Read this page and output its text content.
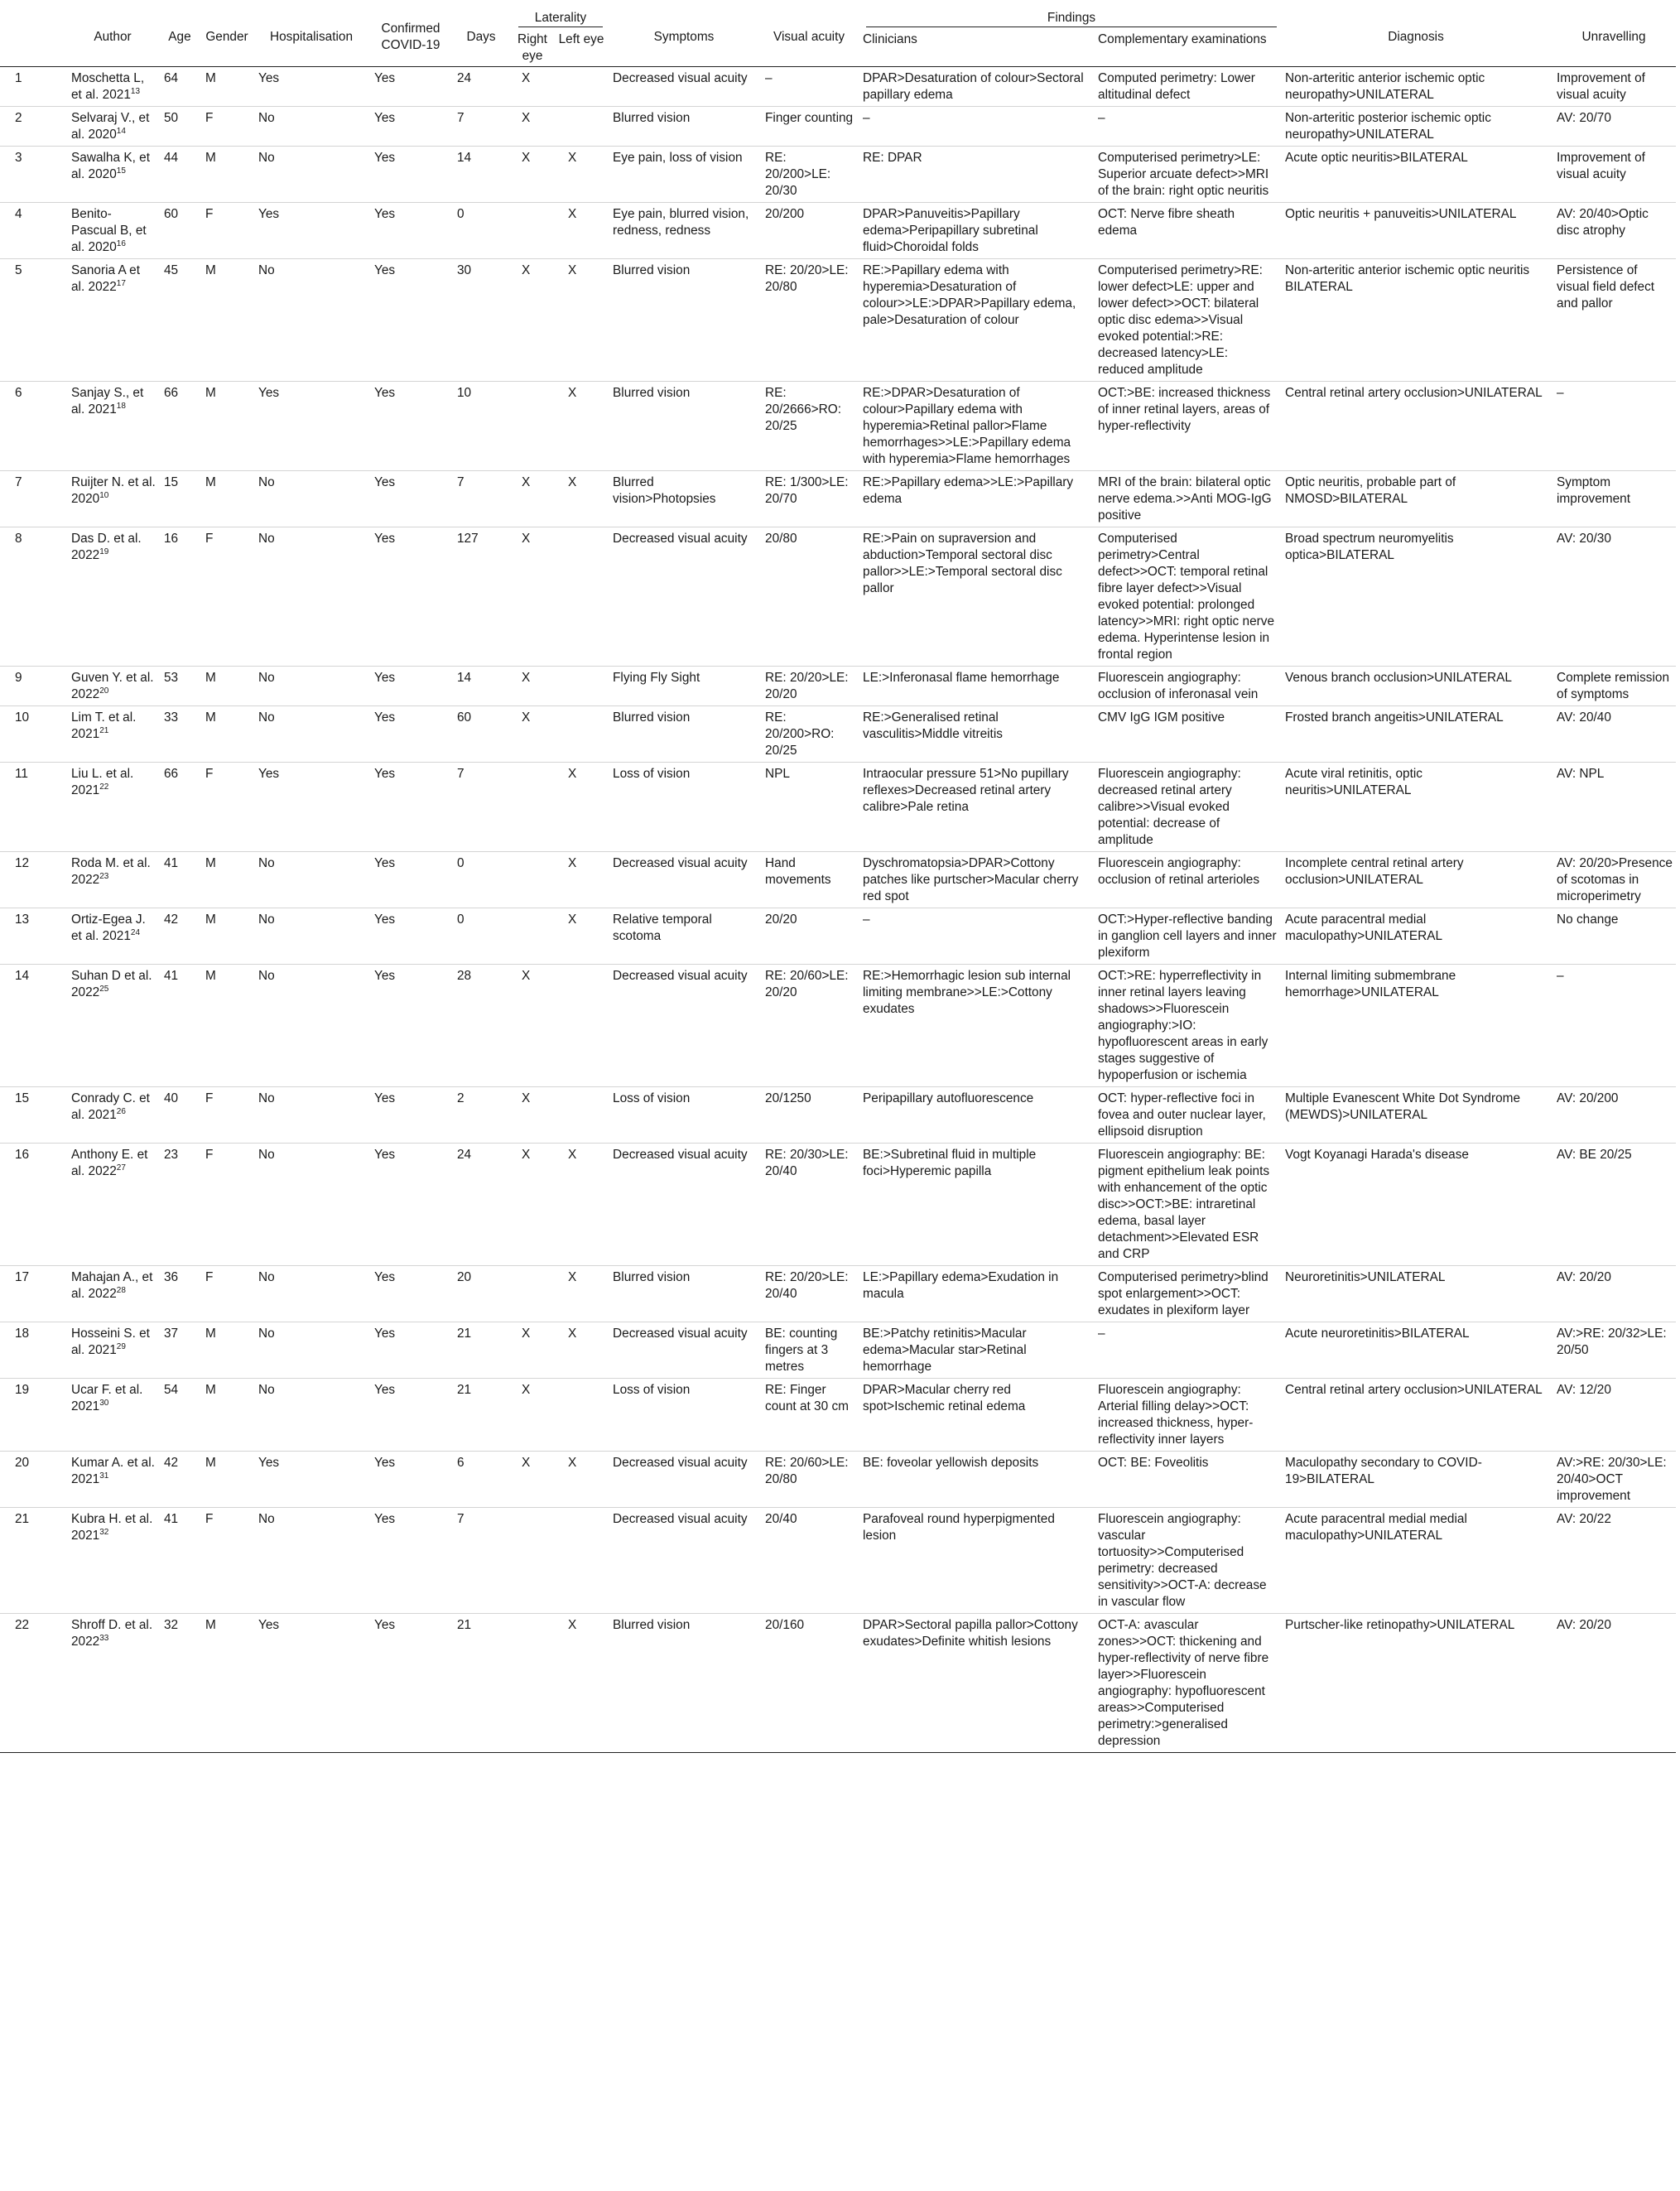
	Author	Age	Gender	Hospitalisation	Confirmed COVID-19	Days	Laterality		Symptoms	Visual acuity	Findings		Diagnosis	Unravelling
							Right eye	Left eye			Clinicians	Complementary examinations		
1	Moschetta L, et al. 2021$^{13}$	64	M	Yes	Yes	24	X		Decreased visual acuity	–	DPAR>Desaturation of colour>Sectoral papillary edema	Computed perimetry: Lower altitudinal defect	Non-arteritic anterior ischemic optic neuropathy>UNILATERAL	Improvement of visual acuity
2	Selvaraj V., et al. 2020$^{14}$	50	F	No	Yes	7	X		Blurred vision	Finger counting	–	–	Non-arteritic posterior ischemic optic neuropathy>UNILATERAL	AV: 20/70
3	Sawalha K, et al. 2020$^{15}$	44	M	No	Yes	14	X	X	Eye pain, loss of vision	RE: 20/200>LE: 20/30	RE: DPAR	Computerised perimetry>LE: Superior arcuate defect>>MRI of the brain: right optic neuritis	Acute optic neuritis>BILATERAL	Improvement of visual acuity
4	Benito-Pascual B, et al. 2020$^{16}$	60	F	Yes	Yes	0		X	Eye pain, blurred vision, redness, redness	20/200	DPAR>Panuveitis>Papillary edema>Peripapillary subretinal fluid>Choroidal folds	OCT: Nerve fibre sheath edema	Optic neuritis + panuveitis>UNILATERAL	AV: 20/40>Optic disc atrophy
5	Sanoria A et al. 2022$^{17}$	45	M	No	Yes	30	X	X	Blurred vision	RE: 20/20>LE: 20/80	RE:>Papillary edema with hyperemia>Desaturation of colour>>LE:>DPAR>Papillary edema, pale>Desaturation of colour	Computerised perimetry>RE: lower defect>LE: upper and lower defect>>OCT: bilateral optic disc edema>>Visual evoked potential:>RE: decreased latency>LE: reduced amplitude	Non-arteritic anterior ischemic optic neuritis BILATERAL	Persistence of visual field defect and pallor
6	Sanjay S., et al. 2021$^{18}$	66	M	Yes	Yes	10		X	Blurred vision	RE: 20/2666>RO: 20/25	RE:>DPAR>Desaturation of colour>Papillary edema with hyperemia>Retinal pallor>Flame hemorrhages>>LE:>Papillary edema with hyperemia>Flame hemorrhages	OCT:>BE: increased thickness of inner retinal layers, areas of hyper-reflectivity	Central retinal artery occlusion>UNILATERAL	–
7	Ruijter N. et al. 2020$^{10}$	15	M	No	Yes	7	X	X	Blurred vision>Photopsies	RE: 1/300>LE: 20/70	RE:>Papillary edema>>LE:>Papillary edema	MRI of the brain: bilateral optic nerve edema.>>Anti MOG-IgG positive	Optic neuritis, probable part of NMOSD>BILATERAL	Symptom improvement
8	Das D. et al. 2022$^{19}$	16	F	No	Yes	127	X		Decreased visual acuity	20/80	RE:>Pain on supraversion and abduction>Temporal sectoral disc pallor>>LE:>Temporal sectoral disc pallor	Computerised perimetry>Central defect>>OCT: temporal retinal fibre layer defect>>Visual evoked potential: prolonged latency>>MRI: right optic nerve edema. Hyperintense lesion in frontal region	Broad spectrum neuromyelitis optica>BILATERAL	AV: 20/30
9	Guven Y. et al. 2022$^{20}$	53	M	No	Yes	14	X		Flying Fly Sight	RE: 20/20>LE: 20/20	LE:>Inferonasal flame hemorrhage	Fluorescein angiography: occlusion of inferonasal vein	Venous branch occlusion>UNILATERAL	Complete remission of symptoms
10	Lim T. et al. 2021$^{21}$	33	M	No	Yes	60	X		Blurred vision	RE: 20/200>RO: 20/25	RE:>Generalised retinal vasculitis>Middle vitreitis	CMV IgG IGM positive	Frosted branch angeitis>UNILATERAL	AV: 20/40
11	Liu L. et al. 2021$^{22}$	66	F	Yes	Yes	7		X	Loss of vision	NPL	Intraocular pressure 51>No pupillary reflexes>Decreased retinal artery calibre>Pale retina	Fluorescein angiography: decreased retinal artery calibre>>Visual evoked potential: decrease of amplitude	Acute viral retinitis, optic neuritis>UNILATERAL	AV: NPL
12	Roda M. et al. 2022$^{23}$	41	M	No	Yes	0		X	Decreased visual acuity	Hand movements	Dyschromatopsia>DPAR>Cottony patches like purtscher>Macular cherry red spot	Fluorescein angiography: occlusion of retinal arterioles	Incomplete central retinal artery occlusion>UNILATERAL	AV: 20/20>Presence of scotomas in microperimetry
13	Ortiz-Egea J. et al. 2021$^{24}$	42	M	No	Yes	0		X	Relative temporal scotoma	20/20	–	OCT:>Hyper-reflective banding in ganglion cell layers and inner plexiform	Acute paracentral medial maculopathy>UNILATERAL	No change
14	Suhan D et al. 2022$^{25}$	41	M	No	Yes	28	X		Decreased visual acuity	RE: 20/60>LE: 20/20	RE:>Hemorrhagic lesion sub internal limiting membrane>>LE:>Cottony exudates	OCT:>RE: hyperreflectivity in inner retinal layers leaving shadows>>Fluorescein angiography:>IO: hypofluorescent areas in early stages suggestive of hypoperfusion or ischemia	Internal limiting submembrane hemorrhage>UNILATERAL	–
15	Conrady C. et al. 2021$^{26}$	40	F	No	Yes	2	X		Loss of vision	20/1250	Peripapillary autofluorescence	OCT: hyper-reflective foci in fovea and outer nuclear layer, ellipsoid disruption	Multiple Evanescent White Dot Syndrome (MEWDS)>UNILATERAL	AV: 20/200
16	Anthony E. et al. 2022$^{27}$	23	F	No	Yes	24	X	X	Decreased visual acuity	RE: 20/30>LE: 20/40	BE:>Subretinal fluid in multiple foci>Hyperemic papilla	Fluorescein angiography: BE: pigment epithelium leak points with enhancement of the optic disc>>OCT:>BE: intraretinal edema, basal layer detachment>>Elevated ESR and CRP	Vogt Koyanagi Harada's disease	AV: BE 20/25
17	Mahajan A., et al. 2022$^{28}$	36	F	No	Yes	20		X	Blurred vision	RE: 20/20>LE: 20/40	LE:>Papillary edema>Exudation in macula	Computerised perimetry>blind spot enlargement>>OCT: exudates in plexiform layer	Neuroretinitis>UNILATERAL	AV: 20/20
18	Hosseini S. et al. 2021$^{29}$	37	M	No	Yes	21	X	X	Decreased visual acuity	BE: counting fingers at 3 metres	BE:>Patchy retinitis>Macular edema>Macular star>Retinal hemorrhage	–	Acute neuroretinitis>BILATERAL	AV:>RE: 20/32>LE: 20/50
19	Ucar F. et al. 2021$^{30}$	54	M	No	Yes	21	X		Loss of vision	RE: Finger count at 30 cm	DPAR>Macular cherry red spot>Ischemic retinal edema	Fluorescein angiography: Arterial filling delay>>OCT: increased thickness, hyper-reflectivity inner layers	Central retinal artery occlusion>UNILATERAL	AV: 12/20
20	Kumar A. et al. 2021$^{31}$	42	M	Yes	Yes	6	X	X	Decreased visual acuity	RE: 20/60>LE: 20/80	BE: foveolar yellowish deposits	OCT: BE: Foveolitis	Maculopathy secondary to COVID-19>BILATERAL	AV:>RE: 20/30>LE: 20/40>OCT improvement
21	Kubra H. et al. 2021$^{32}$	41	F	No	Yes	7			Decreased visual acuity	20/40	Parafoveal round hyperpigmented lesion	Fluorescein angiography: vascular tortuosity>>Computerised perimetry: decreased sensitivity>>OCT-A: decrease in vascular flow	Acute paracentral medial medial maculopathy>UNILATERAL	AV: 20/22
22	Shroff D. et al. 2022$^{33}$	32	M	Yes	Yes	21		X	Blurred vision	20/160	DPAR>Sectoral papilla pallor>Cottony exudates>Definite whitish lesions	OCT-A: avascular zones>>OCT: thickening and hyper-reflectivity of nerve fibre layer>>Fluorescein angiography: hypofluorescent areas>>Computerised perimetry:>generalised depression	Purtscher-like retinopathy>UNILATERAL	AV: 20/20
